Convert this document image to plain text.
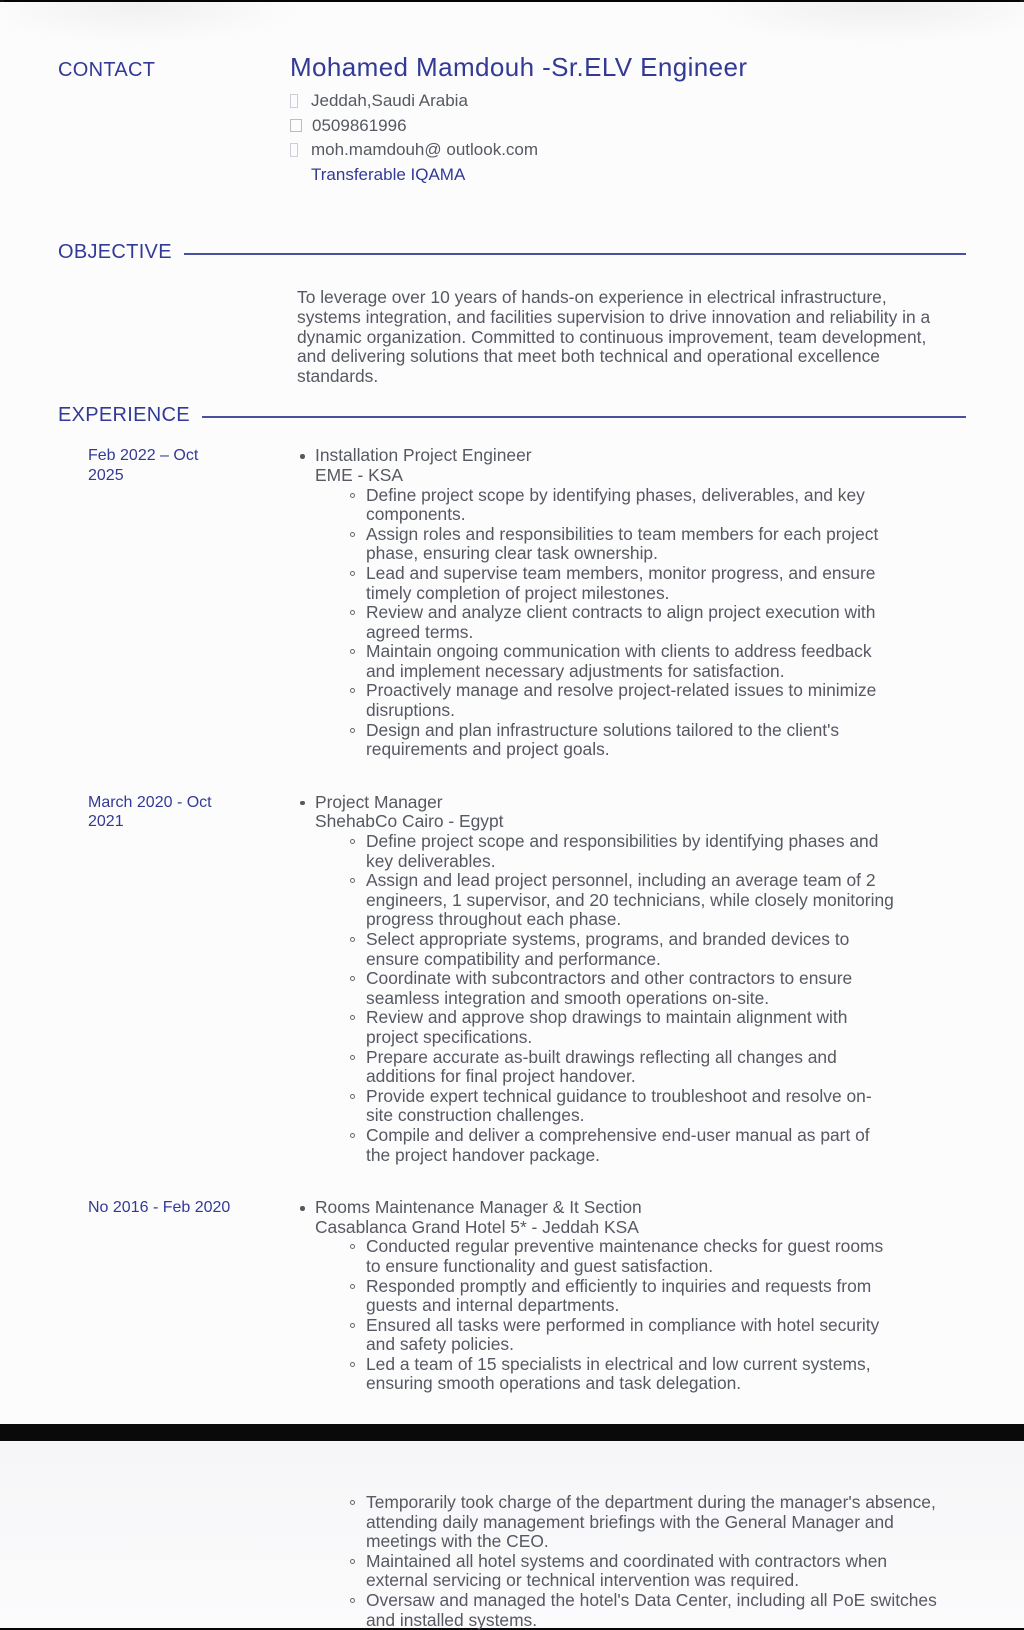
CONTACT	Mohamed Mamdouh -Sr.ELV Engineer
Jeddah,Saudi Arabia
0509861996
moh.mamdouh@ outlook.com
Transferable IQAMA
OBJECTIVE

To leverage over 10 years of hands-on experience in electrical infrastructure, systems integration, and facilities supervision to drive innovation and reliability in a dynamic organization. Committed to continuous improvement, team development, and delivering solutions that meet both technical and operational excellence standards.

EXPERIENCE
Feb 2022 – Oct 2025
Installation Project Engineer
EME - KSA
Define project scope by identifying phases, deliverables, and key components.
Assign roles and responsibilities to team members for each project phase, ensuring clear task ownership.
Lead and supervise team members, monitor progress, and ensure timely completion of project milestones.
Review and analyze client contracts to align project execution with agreed terms.
Maintain ongoing communication with clients to address feedback and implement necessary adjustments for satisfaction.
Proactively manage and resolve project-related issues to minimize disruptions.
Design and plan infrastructure solutions tailored to the client's requirements and project goals.
March 2020 - Oct 2021
Project Manager
ShehabCo Cairo - Egypt
Define project scope and responsibilities by identifying phases and key deliverables.
Assign and lead project personnel, including an average team of 2 engineers, 1 supervisor, and 20 technicians, while closely monitoring progress throughout each phase.
Select appropriate systems, programs, and branded devices to ensure compatibility and performance.
Coordinate with subcontractors and other contractors to ensure seamless integration and smooth operations on-site.
Review and approve shop drawings to maintain alignment with project specifications.
Prepare accurate as-built drawings reflecting all changes and additions for final project handover.
Provide expert technical guidance to troubleshoot and resolve on-site construction challenges.
Compile and deliver a comprehensive end-user manual as part of the project handover package.
No 2016 - Feb 2020	Rooms Maintenance Manager & It Section
Casablanca Grand Hotel 5* - Jeddah KSA
Conducted regular preventive maintenance checks for guest rooms to ensure functionality and guest satisfaction.
Responded promptly and efficiently to inquiries and requests from guests and internal departments.
Ensured all tasks were performed in compliance with hotel security and safety policies.
Led a team of 15 specialists in electrical and low current systems, ensuring smooth operations and task delegation.
Temporarily took charge of the department during the manager's absence, attending daily management briefings with the General Manager and meetings with the CEO.
Maintained all hotel systems and coordinated with contractors when external servicing or technical intervention was required.
Oversaw and managed the hotel's Data Center, including all PoE switches and installed systems.
